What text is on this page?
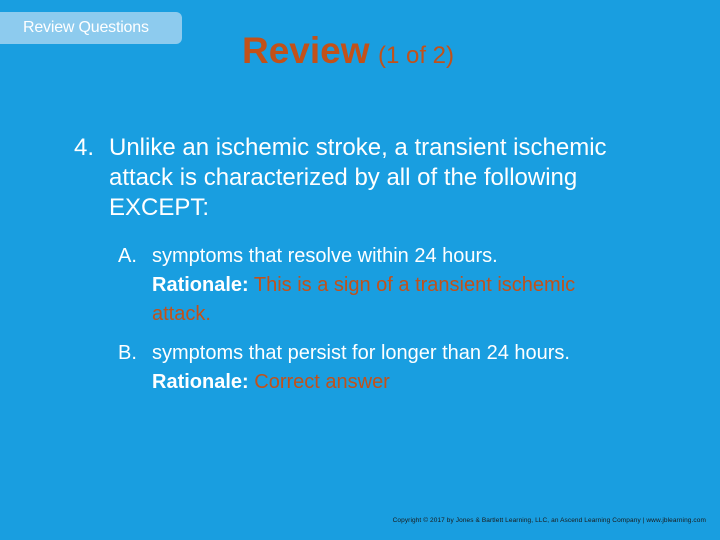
Review Questions
Review (1 of 2)
4. Unlike an ischemic stroke, a transient ischemic attack is characterized by all of the following EXCEPT:
A. symptoms that resolve within 24 hours.
Rationale: This is a sign of a transient ischemic attack.
B. symptoms that persist for longer than 24 hours.
Rationale: Correct answer
Copyright © 2017 by Jones & Bartlett Learning, LLC, an Ascend Learning Company | www.jblearning.com
